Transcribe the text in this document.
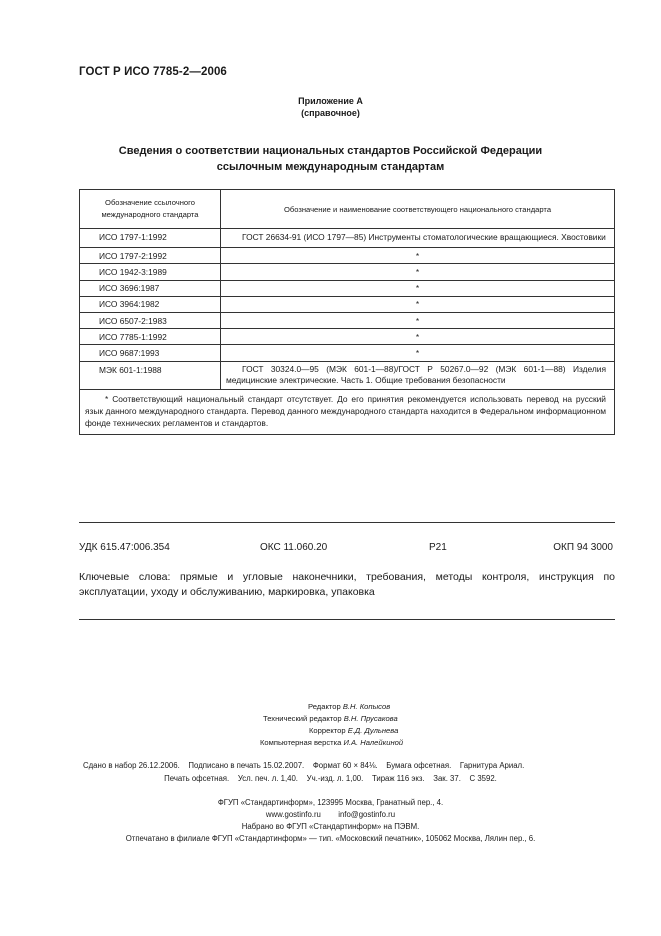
ГОСТ Р ИСО 7785-2—2006
Приложение А
(справочное)
Сведения о соответствии национальных стандартов Российской Федерации
ссылочным международным стандартам
Обозначение ссылочного международного стандарта	Обозначение и наименование соответствующего национального стандарта
ИСО 1797-1:1992	ГОСТ 26634-91 (ИСО 1797—85) Инструменты стоматологические вращающиеся. Хвостовики
ИСО 1797-2:1992	*
ИСО 1942-3:1989	*
ИСО 3696:1987	*
ИСО 3964:1982	*
ИСО 6507-2:1983	*
ИСО 7785-1:1992	*
ИСО 9687:1993	*
МЭК 601-1:1988	ГОСТ 30324.0—95 (МЭК 601-1—88)/ГОСТ Р 50267.0—92 (МЭК 601-1—88) Изделия медицинские электрические. Часть 1. Общие требования безопасности
* Соответствующий национальный стандарт отсутствует. До его принятия рекомендуется использовать перевод на русский язык данного международного стандарта. Перевод данного международного стандарта находится в Федеральном информационном фонде технических регламентов и стандартов.	
УДК 615.47:006.354	ОКС 11.060.20	Р21	ОКП 94 3000
Ключевые слова: прямые и угловые наконечники, требования, методы контроля, инструкция по эксплуатации, уходу и обслуживанию, маркировка, упаковка
Редактор В.Н. Копысов
Технический редактор В.Н. Прусакова
Корректор Е.Д. Дульнева
Компьютерная верстка И.А. Налейкиной
Сдано в набор 26.12.2006.    Подписано в печать 15.02.2007.    Формат 60 × 84⅛.    Бумага офсетная.    Гарнитура Ариал.
Печать офсетная.    Усл. печ. л. 1,40.    Уч.-изд. л. 1,00.    Тираж 116 экз.    Зак. 37.    С 3592.
ФГУП «Стандартинформ», 123995 Москва, Гранатный пер., 4.
www.gostinfo.ru        info@gostinfo.ru
Набрано во ФГУП «Стандартинформ» на ПЭВМ.
Отпечатано в филиале ФГУП «Стандартинформ» — тип. «Московский печатник», 105062 Москва, Лялин пер., 6.
